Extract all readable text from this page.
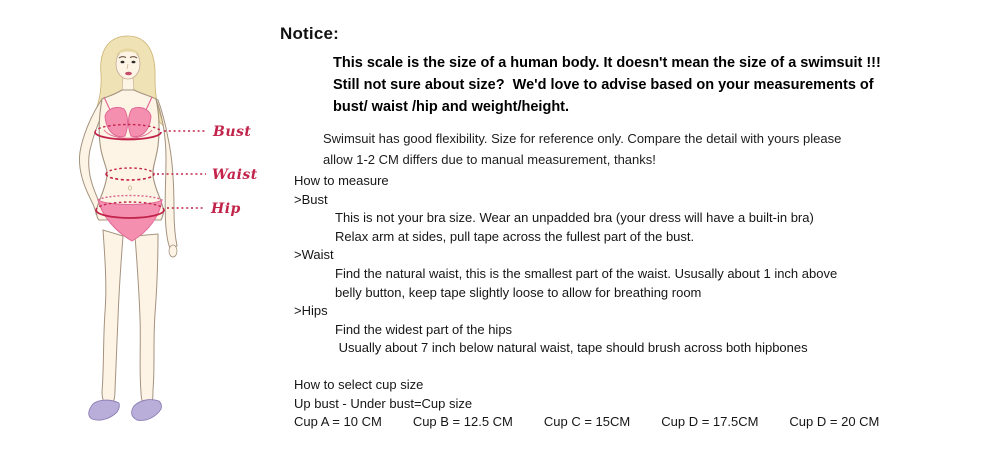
Bust
Waist
Hip
Notice:
This scale is the size of a human body. It doesn't mean the size of a swimsuit !!!
Still not sure about size?  We'd love to advise based on your measurements of
bust/ waist /hip and weight/height.
Swimsuit has good flexibility. Size for reference only. Compare the detail with yours please
allow 1-2 CM differs due to manual measurement, thanks!
How to measure
>Bust
This is not your bra size. Wear an unpadded bra (your dress will have a built-in bra)
Relax arm at sides, pull tape across the fullest part of the bust.
>Waist
Find the natural waist, this is the smallest part of the waist. Ususally about 1 inch above
belly button, keep tape slightly loose to allow for breathing room
>Hips
Find the widest part of the hips
Usually about 7 inch below natural waist, tape should brush across both hipbones
How to select cup size
Up bust - Under bust=Cup size
Cup A = 10 CM Cup B = 12.5 CM Cup C = 15CM Cup D = 17.5CM Cup D = 20 CM
